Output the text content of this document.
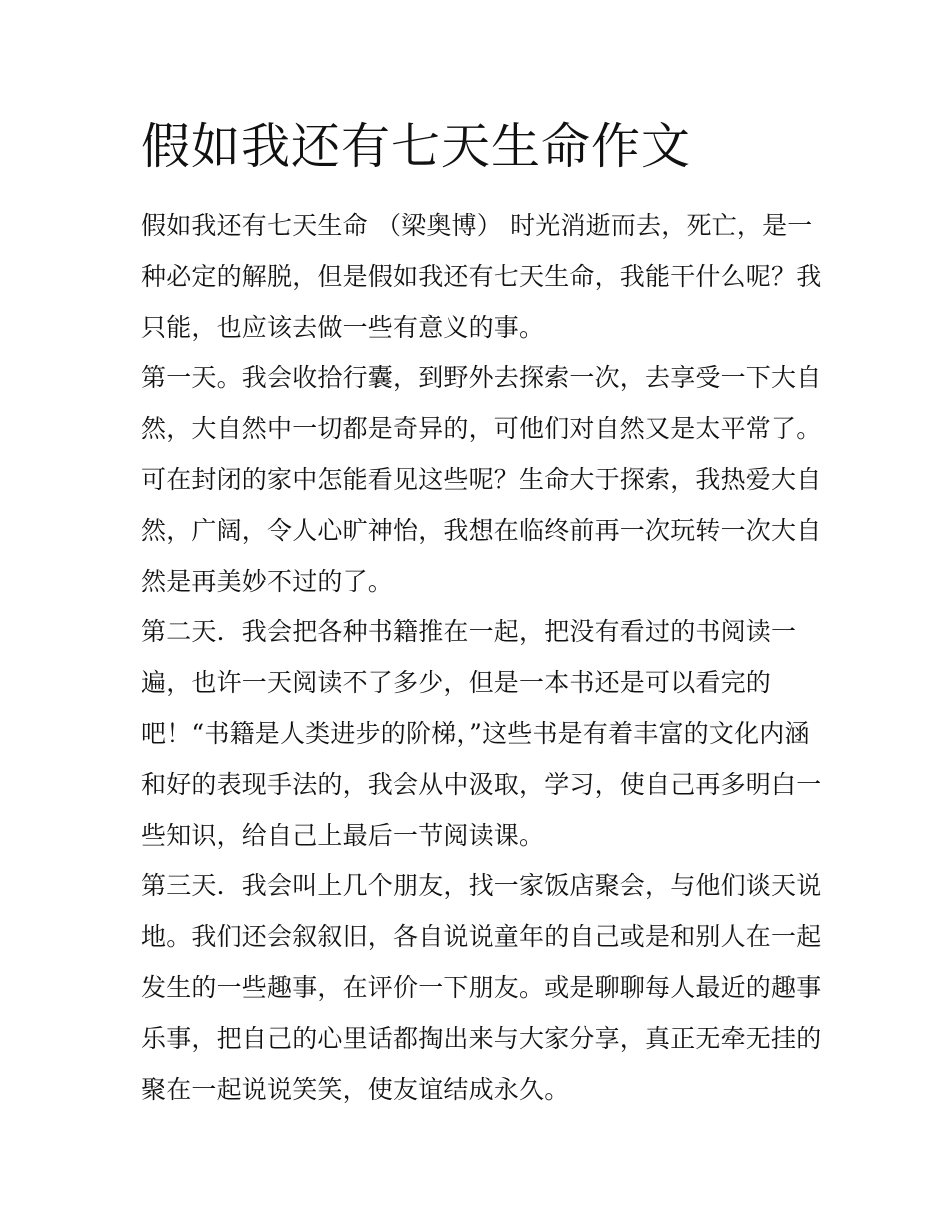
假如我还有七天生命作文
假如我还有七天生命 （梁奥博） 时光消逝而去，死亡，是一
种必定的解脱，但是假如我还有七天生命，我能干什么呢？我
只能，也应该去做一些有意义的事。
第一天。我会收拾行囊，到野外去探索一次，去享受一下大自
然，大自然中一切都是奇异的，可他们对自然又是太平常了。
可在封闭的家中怎能看见这些呢？生命大于探索，我热爱大自
然，广阔，令人心旷神怡，我想在临终前再一次玩转一次大自
然是再美妙不过的了。
第二天．我会把各种书籍推在一起，把没有看过的书阅读一
遍，也许一天阅读不了多少，但是一本书还是可以看完的
吧！“书籍是人类进步的阶梯，”这些书是有着丰富的文化内涵
和好的表现手法的，我会从中汲取，学习，使自己再多明白一
些知识，给自己上最后一节阅读课。
第三天．我会叫上几个朋友，找一家饭店聚会，与他们谈天说
地。我们还会叙叙旧，各自说说童年的自己或是和别人在一起
发生的一些趣事，在评价一下朋友。或是聊聊每人最近的趣事
乐事，把自己的心里话都掏出来与大家分享，真正无牵无挂的
聚在一起说说笑笑，使友谊结成永久。
